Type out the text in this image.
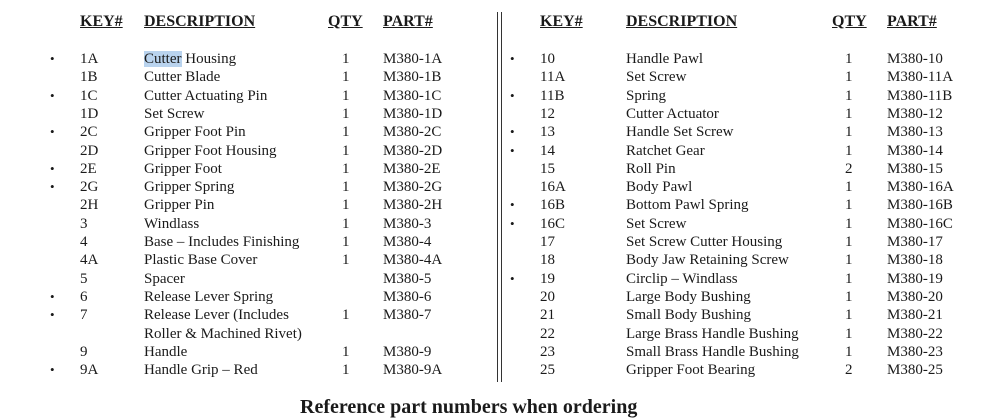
KEY# DESCRIPTION	QTY PART#	KEY#	DESCRIPTION	QTY PART#
• 1A	Cutter Housing	1 M380-1A
1B	Cutter Blade	1 M380-1B
• 1C	Cutter Actuating Pin	1 M380-1C
1D	Set Screw	1 M380-1D
• 2C	Gripper Foot Pin	1 M380-2C
2D	Gripper Foot Housing	1 M380-2D
• 2E	Gripper Foot	1 M380-2E
• 2G	Gripper Spring	1 M380-2G
2H	Gripper Pin	1 M380-2H
3	Windlass	1 M380-3
4	Base – Includes Finishing	1 M380-4
4A	Plastic Base Cover	1 M380-4A
5	Spacer	M380-5
• 6	Release Lever Spring	M380-6
• 7	Release Lever (Includes	1 M380-7
Roller & Machined Rivet)
9	Handle	1 M380-9
• 9A	Handle Grip – Red	1 M380-9A
• 10	Handle Pawl	1 M380-10
11A	Set Screw	1 M380-11A
• 11B	Spring	1 M380-11B
12	Cutter Actuator	1 M380-12
• 13	Handle Set Screw	1 M380-13
• 14	Ratchet Gear	1 M380-14
15	Roll Pin	2 M380-15
16A	Body Pawl	1 M380-16A
• 16B	Bottom Pawl Spring	1 M380-16B
• 16C	Set Screw	1 M380-16C
17	Set Screw Cutter Housing	1 M380-17
18	Body Jaw Retaining Screw	1 M380-18
• 19	Circlip – Windlass	1 M380-19
20	Large Body Bushing	1 M380-20
21	Small Body Bushing	1 M380-21
22	Large Brass Handle Bushing	1 M380-22
23	Small Brass Handle Bushing	1 M380-23
25	Gripper Foot Bearing	2 M380-25
Reference part numbers when ordering
